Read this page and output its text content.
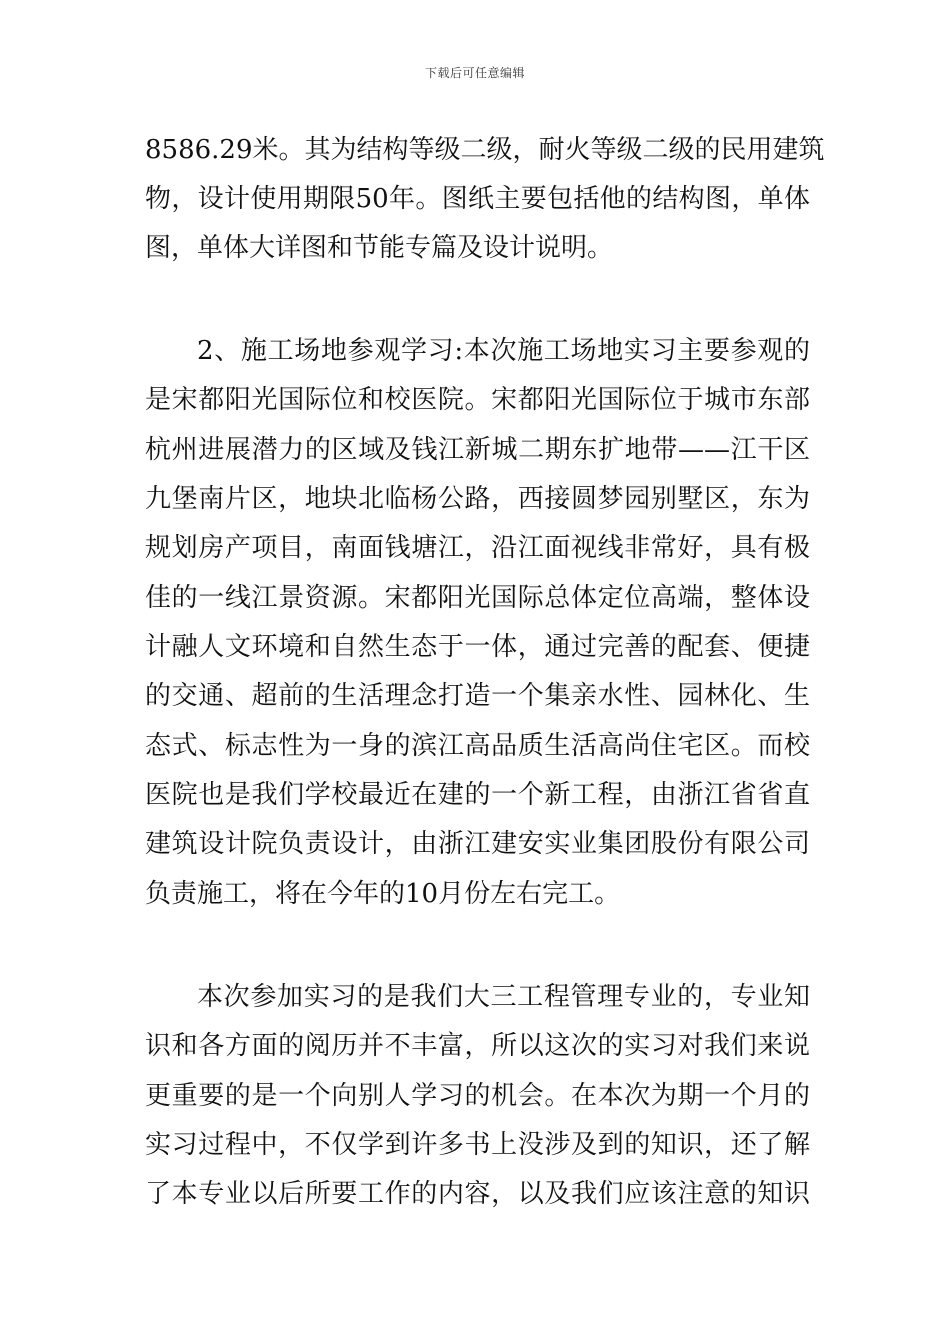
下载后可任意编辑
8586.29米。其为结构等级二级，耐火等级二级的民用建筑
物，设计使用期限50年。图纸主要包括他的结构图，单体
图，单体大详图和节能专篇及设计说明。
2、施工场地参观学习:本次施工场地实习主要参观的
是宋都阳光国际位和校医院。宋都阳光国际位于城市东部
杭州进展潜力的区域及钱江新城二期东扩地带——江干区
九堡南片区，地块北临杨公路，西接圆梦园别墅区，东为
规划房产项目，南面钱塘江，沿江面视线非常好，具有极
佳的一线江景资源。宋都阳光国际总体定位高端，整体设
计融人文环境和自然生态于一体，通过完善的配套、便捷
的交通、超前的生活理念打造一个集亲水性、园林化、生
态式、标志性为一身的滨江高品质生活高尚住宅区。而校
医院也是我们学校最近在建的一个新工程，由浙江省省直
建筑设计院负责设计，由浙江建安实业集团股份有限公司
负责施工，将在今年的10月份左右完工。
本次参加实习的是我们大三工程管理专业的，专业知
识和各方面的阅历并不丰富，所以这次的实习对我们来说
更重要的是一个向别人学习的机会。在本次为期一个月的
实习过程中，不仅学到许多书上没涉及到的知识，还了解
了本专业以后所要工作的内容，以及我们应该注意的知识
